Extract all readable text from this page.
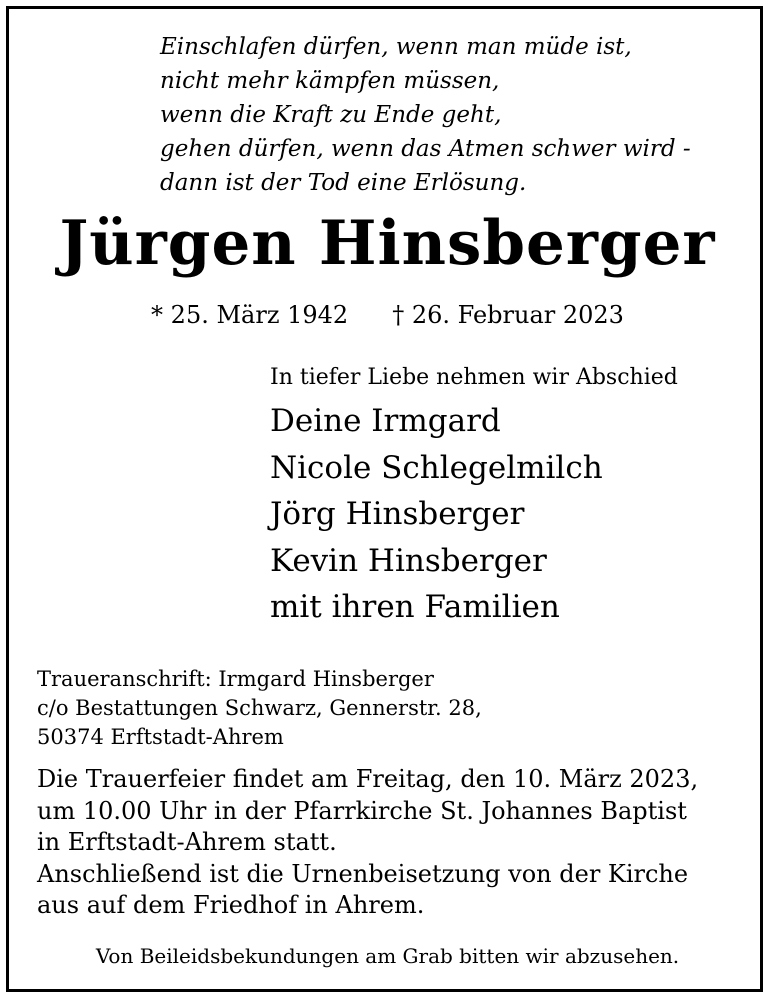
Einschlafen dürfen, wenn man müde ist,
nicht mehr kämpfen müssen,
wenn die Kraft zu Ende geht,
gehen dürfen, wenn das Atmen schwer wird -
dann ist der Tod eine Erlösung.
Jürgen Hinsberger
* 25. März 1942 † 26. Februar 2023
In tiefer Liebe nehmen wir Abschied
Deine Irmgard
Nicole Schlegelmilch
Jörg Hinsberger
Kevin Hinsberger
mit ihren Familien
Traueranschrift: Irmgard Hinsberger
c/o Bestattungen Schwarz, Gennerstr. 28,
50374 Erftstadt-Ahrem
Die Trauerfeier findet am Freitag, den 10. März 2023,
um 10.00 Uhr in der Pfarrkirche St. Johannes Baptist
in Erftstadt-Ahrem statt.
Anschließend ist die Urnenbeisetzung von der Kirche
aus auf dem Friedhof in Ahrem.
Von Beileidsbekundungen am Grab bitten wir abzusehen.
